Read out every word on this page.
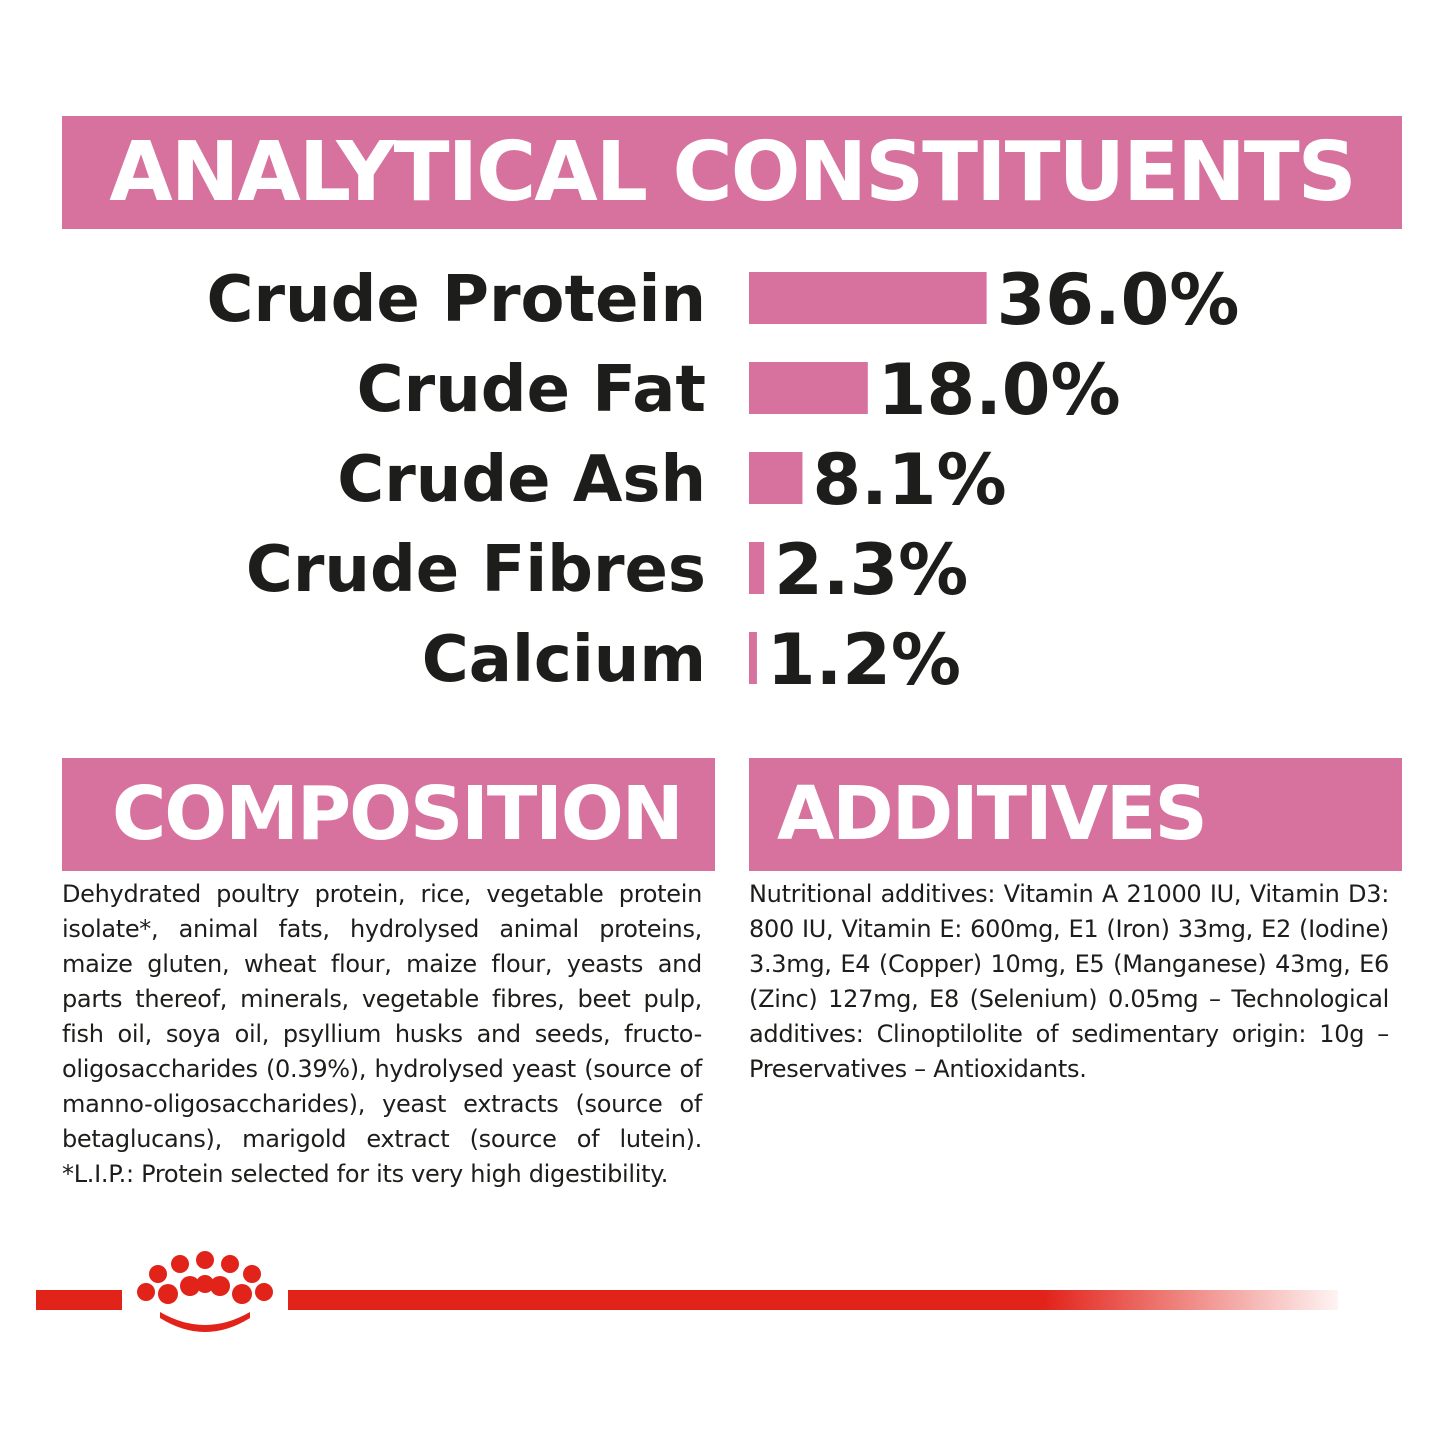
ANALYTICAL CONSTITUENTS
Crude Protein	36.0%
Crude Fat 18.0%
Crude Ash 8.1%
Crude Fibres 2.3%
Calcium 1.2%
COMPOSITION	ADDITIVES
Dehydrated poultry protein, rice, vegetable protein isolate*, animal fats, hydrolysed animal proteins, maize gluten, wheat flour, maize flour, yeasts and parts thereof, minerals, vegetable fibres, beet pulp, fish oil, soya oil, psyllium husks and seeds, fructo-oligosaccharides (0.39%), hydrolysed yeast (source of manno-oligosaccharides), yeast extracts (source of betaglucans), marigold extract (source of lutein). *L.I.P.: Protein selected for its very high digestibility.
Nutritional additives: Vitamin A 21000 IU, Vitamin D3: 800 IU, Vitamin E: 600mg, E1 (Iron) 33mg, E2 (Iodine) 3.3mg, E4 (Copper) 10mg, E5 (Manganese) 43mg, E6 (Zinc) 127mg, E8 (Selenium) 0.05mg – Technological additives: Clinoptilolite of sedimentary origin: 10g – Preservatives – Antioxidants.
